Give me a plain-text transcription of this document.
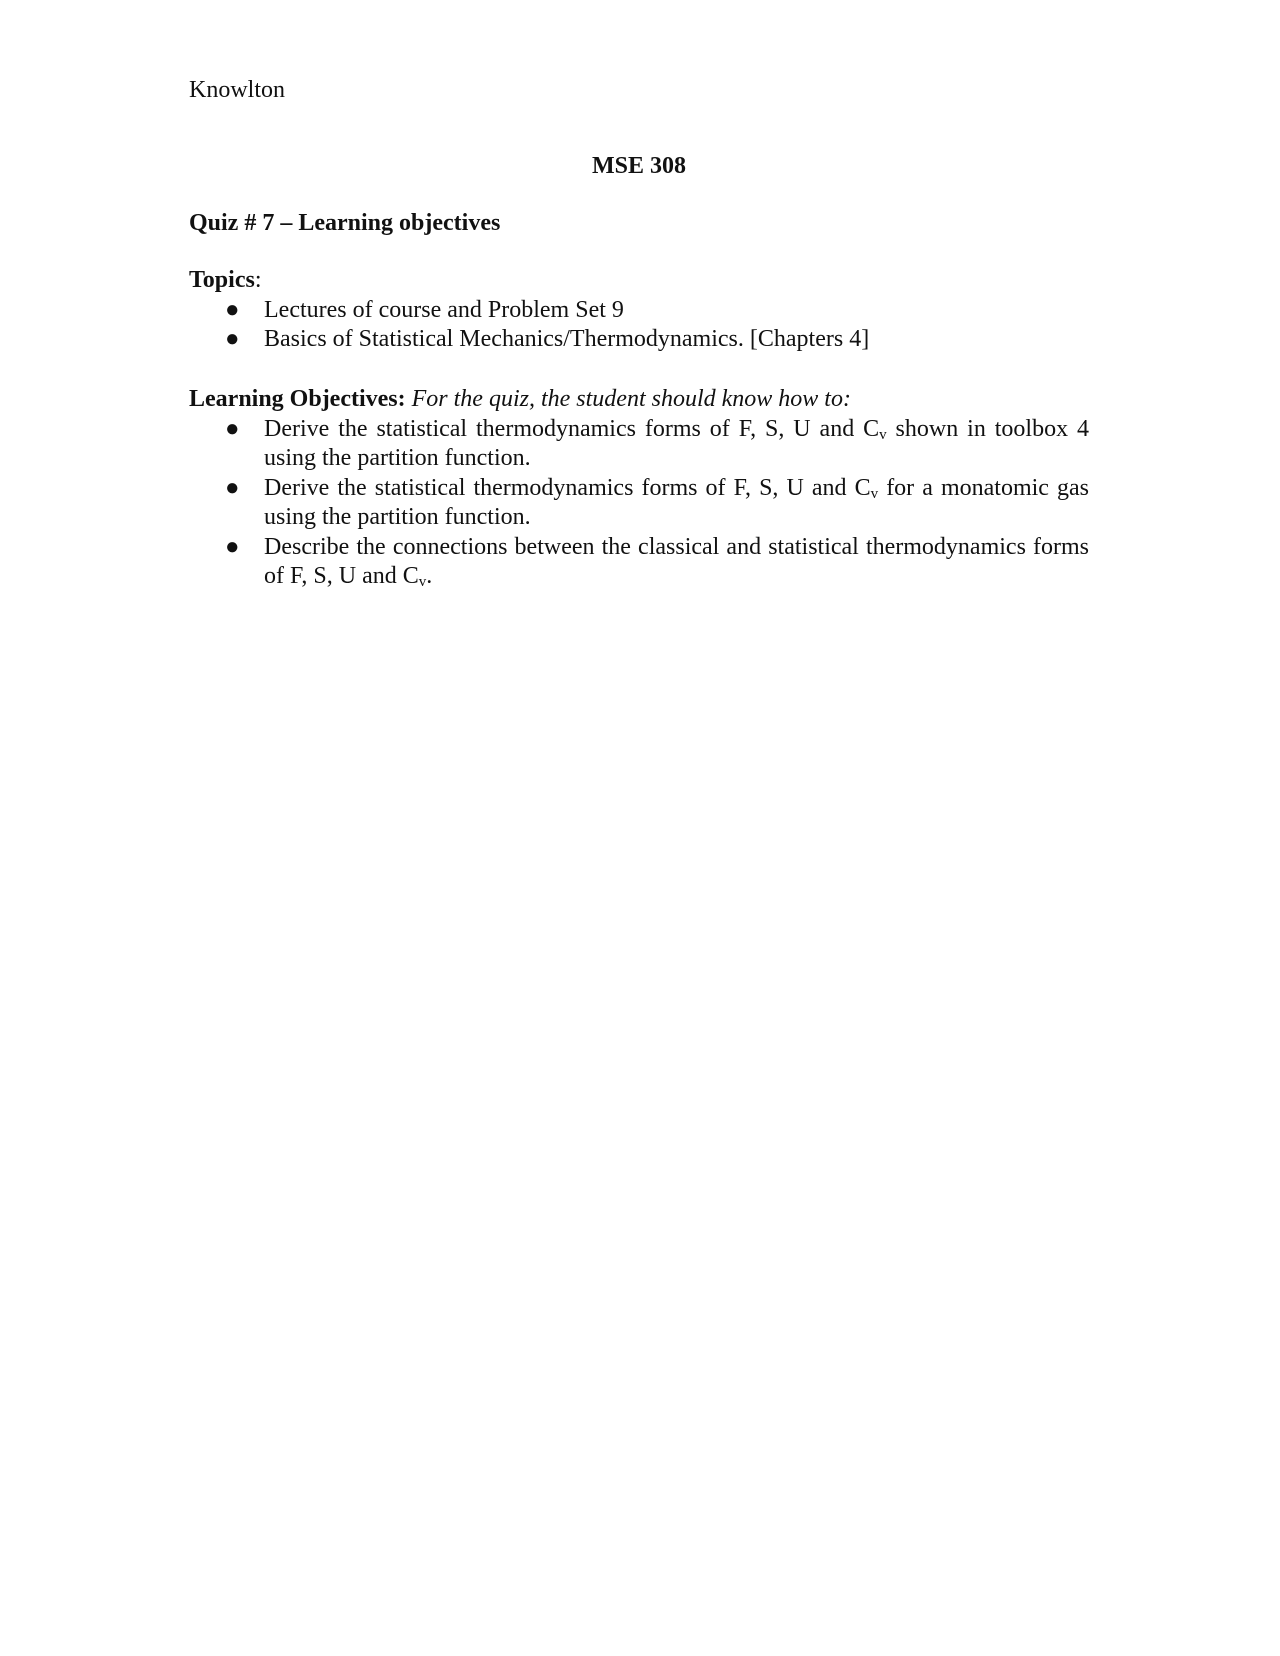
Knowlton
MSE 308
Quiz # 7 – Learning objectives
Topics:
● Lectures of course and Problem Set 9
● Basics of Statistical Mechanics/Thermodynamics. [Chapters 4]
Learning Objectives: For the quiz, the student should know how to:
● Derive the statistical thermodynamics forms of F, S, U and $C_v$ shown in toolbox 4 using the partition function.
● Derive the statistical thermodynamics forms of F, S, U and $C_v$ for a monatomic gas using the partition function.
● Describe the connections between the classical and statistical thermodynamics forms of F, S, U and $C_v$.
